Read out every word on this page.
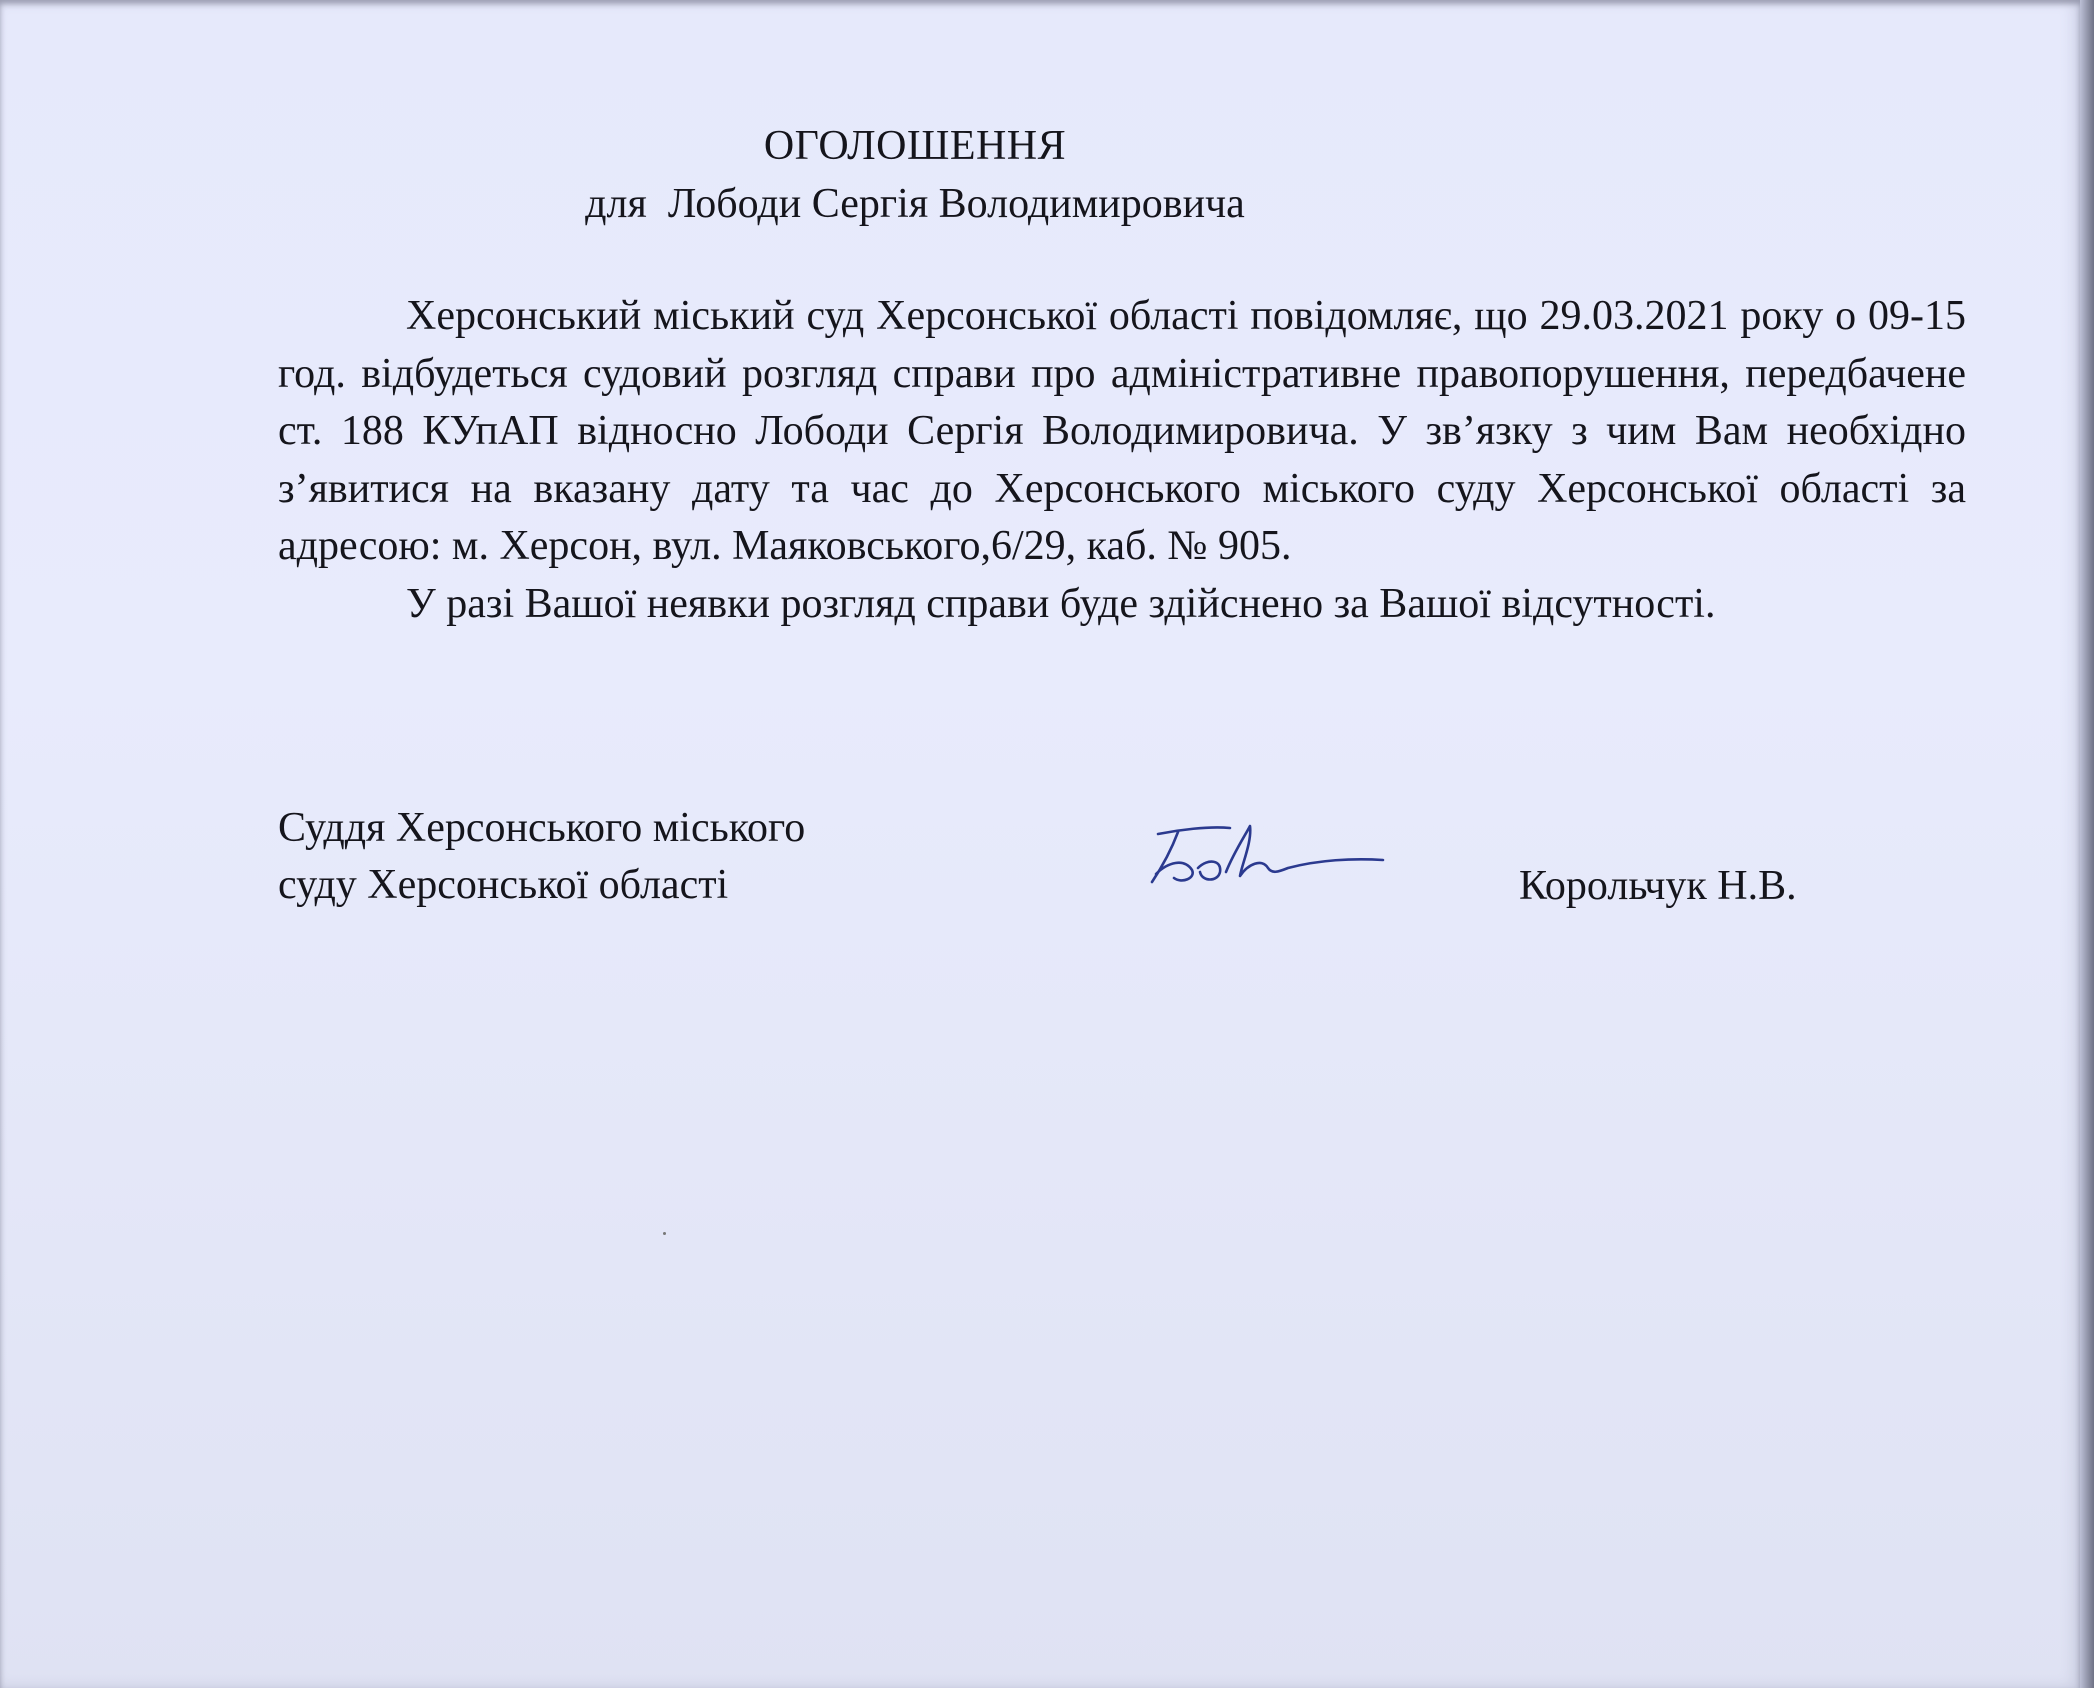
ОГОЛОШЕННЯ
для  Лободи Сергія Володимировича

Херсонський міський суд Херсонської області повідомляє, що 29.03.2021 року о 09-15 год. відбудеться судовий розгляд справи про адміністративне правопорушення, передбачене ст. 188 КУпАП відносно Лободи Сергія Володимировича. У зв’язку з чим Вам необхідно з’явитися на вказану дату та час до Херсонського міського суду Херсонської області за адресою: м. Херсон, вул. Маяковського,6/29, каб. № 905.

У разі Вашої неявки розгляд справи буде здійснено за Вашої відсутності.

Суддя Херсонського міського
суду Херсонської області	Корольчук Н.В.
